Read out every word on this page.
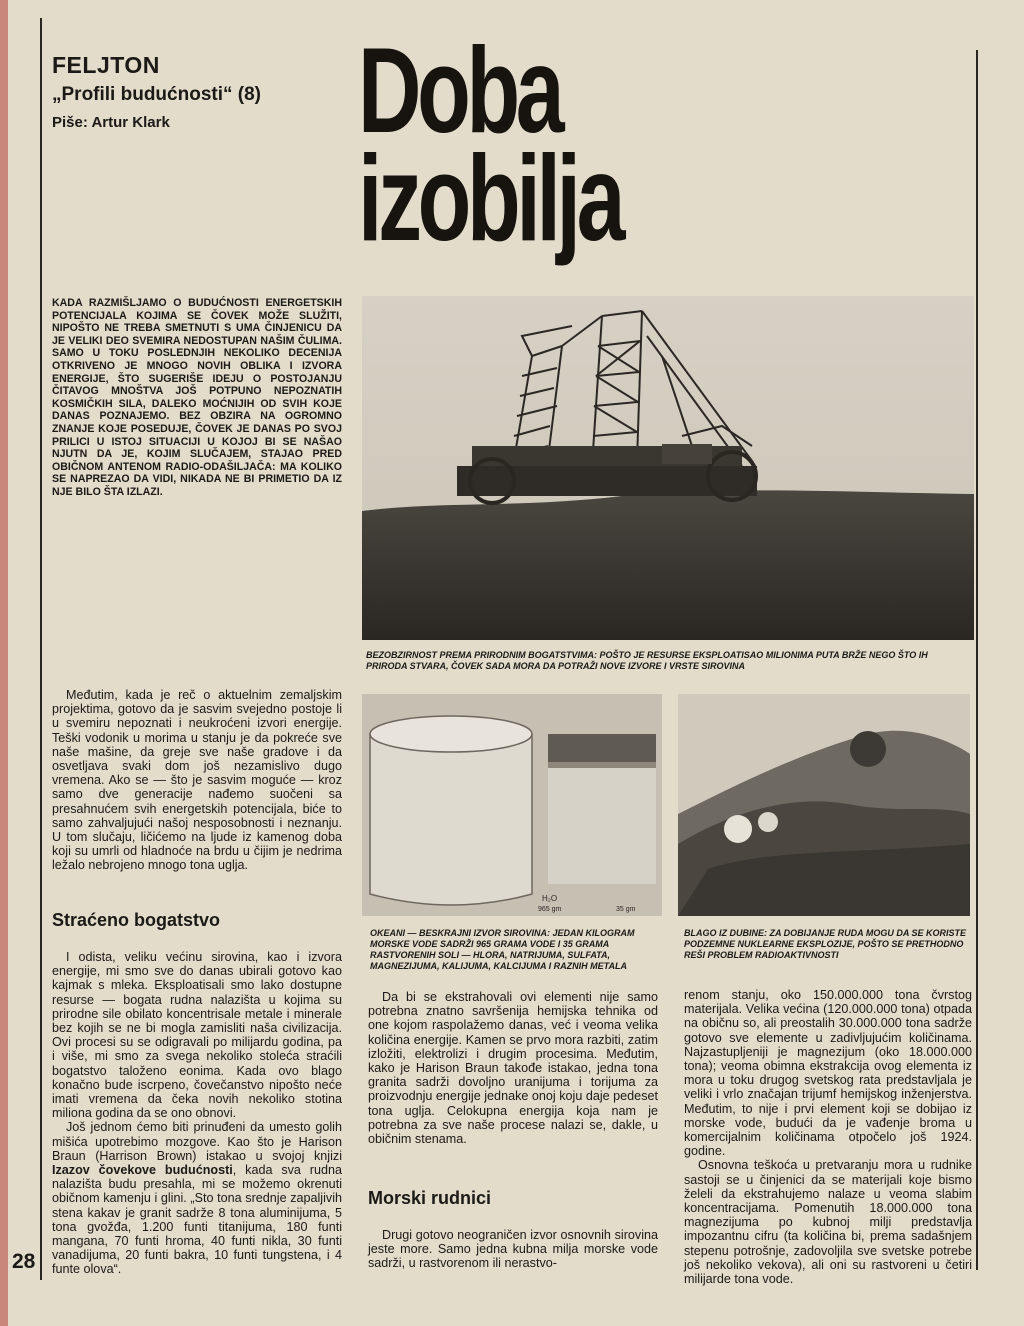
FELJTON
„Profili budućnosti“ (8)
Piše: Artur Klark Doba
izobilja
KADA RAZMIŠLJAMO O BUDUĆNOSTI ENERGETSKIH POTENCIJALA KOJIMA SE ČOVEK MOŽE SLUŽITI, NIPOŠTO NE TREBA SMETNUTI S UMA ČINJENICU DA JE VELIKI DEO SVEMIRA NEDOSTUPAN NAŠIM ČULIMA. SAMO U TOKU POSLEDNJIH NEKOLIKO DECENIJA OTKRIVENO JE MNOGO NOVIH OBLIKA I IZVORA ENERGIJE, ŠTO SUGERIŠE IDEJU O POSTOJANJU ČITAVOG MNOŠTVA JOŠ POTPUNO NEPOZNATIH KOSMIČKIH SILA, DALEKO MOĆNIJIH OD SVIH KOJE DANAS POZNAJEMO. BEZ OBZIRA NA OGROMNO ZNANJE KOJE POSEDUJE, ČOVEK JE DANAS PO SVOJ PRILICI U ISTOJ SITUACIJI U KOJOJ BI SE NAŠAO NJUTN DA JE, KOJIM SLUČAJEM, STAJAO PRED OBIČNOM ANTENOM RADIO-ODAŠILJAČA: MA KOLIKO SE NAPREZAO DA VIDI, NIKADA NE BI PRIMETIO DA IZ NJE BILO ŠTA IZLAZI.
BEZOBZIRNOST PREMA PRIRODNIM BOGATSTVIMA: POŠTO JE RESURSE EKSPLOATISAO MILIONIMA PUTA BRŽE NEGO ŠTO IH PRIRODA STVARA, ČOVEK SADA MORA DA POTRAŽI NOVE IZVORE I VRSTE SIROVINA
H₂O
965 gm	35 gm
OKEANI — BESKRAJNI IZVOR SIROVINA: JEDAN KILOGRAM MORSKE VODE SADRŽI 965 GRAMA VODE I 35 GRAMA RASTVORENIH SOLI — HLORA, NATRIJUMA, SULFATA, MAGNEZIJUMA, KALIJUMA, KALCIJUMA I RAZNIH METALA
BLAGO IZ DUBINE: ZA DOBIJANJE RUDA MOGU DA SE KORISTE PODZEMNE NUKLEARNE EKSPLOZIJE, POŠTO SE PRETHODNO REŠI PROBLEM RADIOAKTIVNOSTI

Međutim, kada je reč o aktuelnim zemaljskim projektima, gotovo da je sasvim svejedno postoje li u svemiru nepoznati i neukroćeni izvori energije. Teški vodonik u morima u stanju je da pokreće sve naše mašine, da greje sve naše gradove i da osvetljava svaki dom još nezamislivo dugo vremena. Ako se — što je sasvim moguće — kroz samo dve generacije nađemo suočeni sa presahnućem svih energetskih potencijala, biće to samo zahvaljujući našoj nesposobnosti i neznanju. U tom slučaju, ličićemo na ljude iz kamenog doba koji su umrli od hladnoće na brdu u čijim je nedrima ležalo nebrojeno mnogo tona uglja.

Straćeno bogatstvo

I odista, veliku većinu sirovina, kao i izvora energije, mi smo sve do danas ubirali gotovo kao kajmak s mleka. Eksploatisali smo lako dostupne resurse — bogata rudna nalazišta u kojima su prirodne sile obilato koncentrisale metale i minerale bez kojih se ne bi mogla zamisliti naša civilizacija. Ovi procesi su se odigravali po milijardu godina, pa i više, mi smo za svega nekoliko stoleća straćili bogatstvo taloženo eonima. Kada ovo blago konačno bude iscrpeno, čovečanstvo nipošto neće imati vremena da čeka novih nekoliko stotina miliona godina da se ono obnovi.

Još jednom ćemo biti prinuđeni da umesto golih mišića upotrebimo mozgove. Kao što je Harison Braun (Harrison Brown) istakao u svojoj knjizi Izazov čovekove budućnosti, kada sva rudna nalazišta budu presahla, mi se možemo okrenuti običnom kamenju i glini. „Sto tona srednje zapaljivih stena kakav je granit sadrže 8 tona aluminijuma, 5 tona gvožđa, 1.200 funti titanijuma, 180 funti mangana, 70 funti hroma, 40 funti nikla, 30 funti vanadijuma, 20 funti bakra, 10 funti tungstena, i 4 funte olova“.

Da bi se ekstrahovali ovi elementi nije samo potrebna znatno savršenija hemijska tehnika od one kojom raspolažemo danas, već i veoma velika količina energije. Kamen se prvo mora razbiti, zatim izložiti, elektrolizi i drugim procesima. Međutim, kako je Harison Braun takođe istakao, jedna tona granita sadrži dovoljno uranijuma i torijuma za proizvodnju energije jednake onoj koju daje pedeset tona uglja. Celokupna energija koja nam je potrebna za sve naše procese nalazi se, dakle, u običnim stenama.

Morski rudnici

Drugi gotovo neograničen izvor osnovnih sirovina jeste more. Samo jedna kubna milja morske vode sadrži, u rastvorenom ili nerastvo-

renom stanju, oko 150.000.000 tona čvrstog materijala. Velika većina (120.000.000 tona) otpada na običnu so, ali preostalih 30.000.000 tona sadrže gotovo sve elemente u zadivljujućim količinama. Najzastupljeniji je magnezijum (oko 18.000.000 tona); veoma obimna ekstrakcija ovog elementa iz mora u toku drugog svetskog rata predstavljala je veliki i vrlo značajan trijumf hemijskog inženjerstva. Međutim, to nije i prvi element koji se dobijao iz morske vode, budući da je vađenje broma u komercijalnim količinama otpočelo još 1924. godine.

Osnovna teškoća u pretvaranju mora u rudnike sastoji se u činjenici da se materijali koje bismo želeli da ekstrahujemo nalaze u veoma slabim koncentracijama. Pomenutih 18.000.000 tona magnezijuma po kubnoj milji predstavlja impozantnu cifru (ta količina bi, prema sadašnjem stepenu potrošnje, zadovoljila sve svetske potrebe još nekoliko vekova), ali oni su rastvoreni u četiri milijarde tona vode.

28
